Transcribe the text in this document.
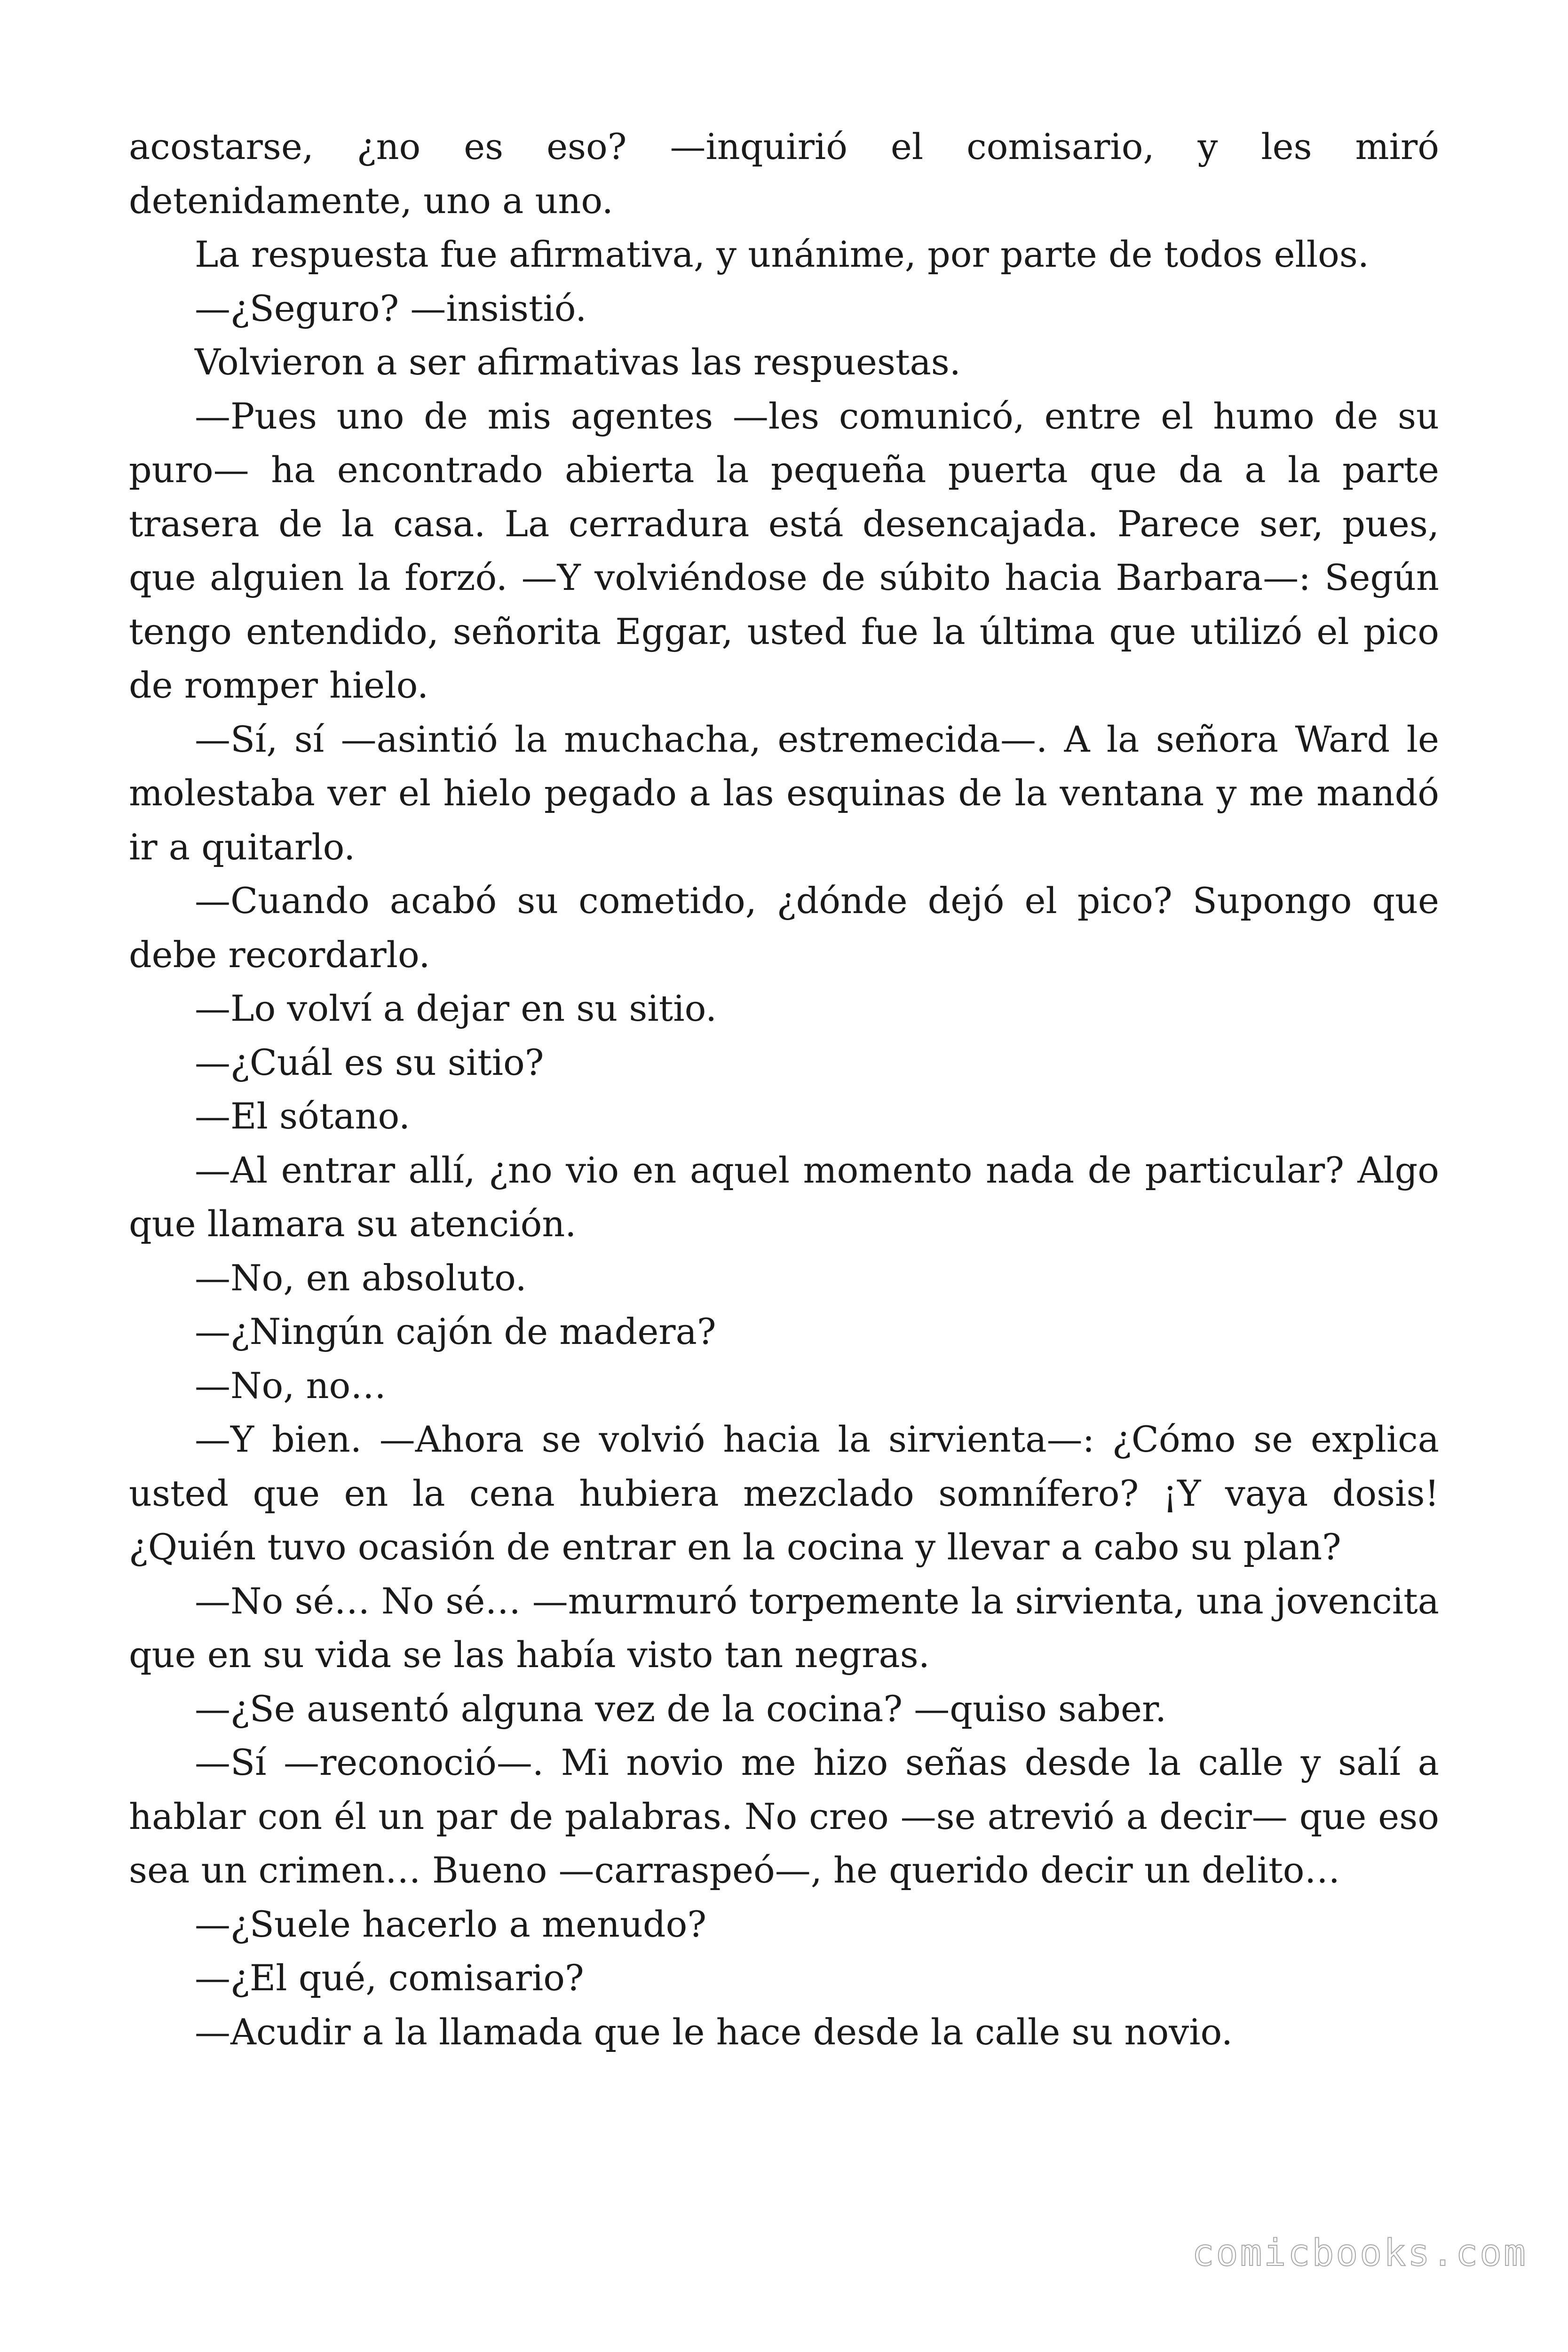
acostarse, ¿no es eso? —inquirió el comisario, y les miró detenidamente, uno a uno.

La respuesta fue afirmativa, y unánime, por parte de todos ellos.

—¿Seguro? —insistió.

Volvieron a ser afirmativas las respuestas.

—Pues uno de mis agentes —les comunicó, entre el humo de su puro— ha encontrado abierta la pequeña puerta que da a la parte trasera de la casa. La cerradura está desencajada. Parece ser, pues, que alguien la forzó. —Y volviéndose de súbito hacia Barbara—: Según tengo entendido, señorita Eggar, usted fue la última que utilizó el pico de romper hielo.

—Sí, sí —asintió la muchacha, estremecida—. A la señora Ward le molestaba ver el hielo pegado a las esquinas de la ventana y me mandó ir a quitarlo.

—Cuando acabó su cometido, ¿dónde dejó el pico? Supongo que debe recordarlo.

—Lo volví a dejar en su sitio.

—¿Cuál es su sitio?

—El sótano.

—Al entrar allí, ¿no vio en aquel momento nada de particular? Algo que llamara su atención.

—No, en absoluto.

—¿Ningún cajón de madera?

—No, no…

—Y bien. —Ahora se volvió hacia la sirvienta—: ¿Cómo se explica usted que en la cena hubiera mezclado somnífero? ¡Y vaya dosis! ¿Quién tuvo ocasión de entrar en la cocina y llevar a cabo su plan?

—No sé… No sé… —murmuró torpemente la sirvienta, una jovencita que en su vida se las había visto tan negras.

—¿Se ausentó alguna vez de la cocina? —quiso saber.

—Sí —reconoció—. Mi novio me hizo señas desde la calle y salí a hablar con él un par de palabras. No creo —se atrevió a decir— que eso sea un crimen… Bueno —carraspeó—, he querido decir un delito…

—¿Suele hacerlo a menudo?

—¿El qué, comisario?

—Acudir a la llamada que le hace desde la calle su novio.

comicbooks.com
